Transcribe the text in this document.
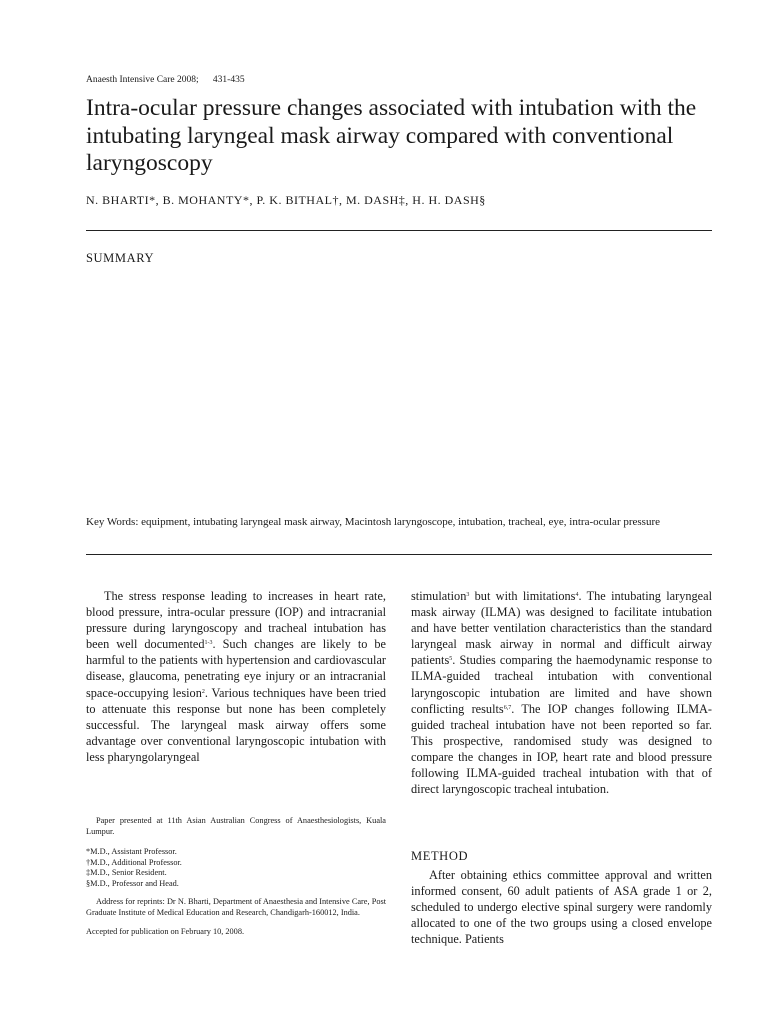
Anaesth Intensive Care 2008; 431-435
Intra-ocular pressure changes associated with intubation with the intubating laryngeal mask airway compared with conventional laryngoscopy
N. BHARTI*, B. MOHANTY*, P. K. BITHAL†, M. DASH‡, H. H. DASH§
SUMMARY
Key Words: equipment, intubating laryngeal mask airway, Macintosh laryngoscope, intubation, tracheal, eye, intra-ocular pressure

The stress response leading to increases in heart rate, blood pressure, intra-ocular pressure (IOP) and intracranial pressure during laryngoscopy and tracheal intubation has been well documented$^{1-3}$. Such changes are likely to be harmful to the patients with hypertension and cardiovascular disease, glaucoma, penetrating eye injury or an intracranial space-occupying lesion$^2$. Various techniques have been tried to attenuate this response but none has been completely successful. The laryngeal mask airway offers some advantage over conventional laryngoscopic intubation with less pharyngolaryngeal

Paper presented at 11th Asian Australian Congress of Anaesthesiologists, Kuala Lumpur.

*M.D., Assistant Professor.

†M.D., Additional Professor.

‡M.D., Senior Resident.

§M.D., Professor and Head.

Address for reprints: Dr N. Bharti, Department of Anaesthesia and Intensive Care, Post Graduate Institute of Medical Education and Research, Chandigarh-160012, India.

Accepted for publication on February 10, 2008.

stimulation$^3$ but with limitations$^4$. The intubating laryngeal mask airway (ILMA) was designed to facilitate intubation and have better ventilation characteristics than the standard laryngeal mask airway in normal and difficult airway patients$^5$. Studies comparing the haemodynamic response to ILMA-guided tracheal intubation with conventional laryngoscopic intubation are limited and have shown conflicting results$^{6,7}$. The IOP changes following ILMA-guided tracheal intubation have not been reported so far. This prospective, randomised study was designed to compare the changes in IOP, heart rate and blood pressure following ILMA-guided tracheal intubation with that of direct laryngoscopic tracheal intubation.

METHOD

After obtaining ethics committee approval and written informed consent, 60 adult patients of ASA grade 1 or 2, scheduled to undergo elective spinal surgery were randomly allocated to one of the two groups using a closed envelope technique. Patients
